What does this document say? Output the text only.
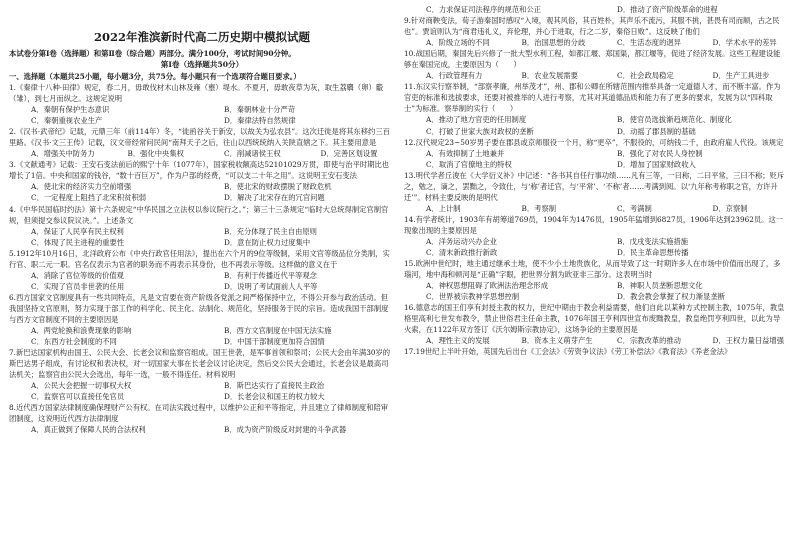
2022年淮滨新时代高二历史期中模拟试题
本试卷分第Ⅰ卷（选择题）和第Ⅱ卷（综合题）两部分。满分100分，考试时间90分钟。
第Ⅰ卷（选择题共50分）
一、选择题（本题共25小题，每小题3分，共75分。每小题只有一个选项符合题目要求。）
1.《秦律十八种·田律》规定，春二月，毋敢伐材木山林及雍（壅）堤水。不夏月，毋敢夜草为灰，取生荔麛（卵）鷇（雏），到七月而纵之。这规定说明
A．秦朝有保护生态意识	B．秦朝林业十分严苛
C．秦朝重视农业生产	D．秦律法特自然规律
2.《汉书·武帝纪》记载，元鼎三年（前114年）冬，“徙函谷关于新安，以故关为弘农县”。这次迁徙是将其东移约三百里路。《汉书·文三王传》记载，汉文帝经常问民间“南拜天子之后，往山以西统统纳入关陕直辖之下。其主要用意是
A．增强关中防务力	B．强化中央集权	C．削减诸侯王权	D．完善区划设置
3.《文献通考》记载：王安石变法前后的熙宁十年（1077年），国家税收额高达52101029万贯，即使与治平时期比也增长了1倍。中央和国家的钱谷，“数十百巨万”，作为户部的经费，“可以支二十年之用”。这说明王安石变法
A．使北宋的经济实力空前增强	B．使北宋的财政摆脱了财政危机
C．一定程度上阻挡了北宋积贫积弱	D．解决了北宋存在的冗官问题
4.《中华民国临时约法》第十六条规定“中华民国之立法权以参议院行之。”；第三十三条规定“临时大总统得制定官制官规，但须提交参议院议决。”。上述条文
A．保证了人民享有民主权利	B．充分体现了民主自由原则
C．体现了民主进程的重要性	D．意在防止权力过度集中
5.1912年10月16日，北洋政府公布《中央行政官任用法》，提出在六个月的9位等级制，采用文官等级品位分类制，实行官、职二元一职。官名仅表示为官者的职务而不再表示其身份，也不再表示等级。这样做的意义在于
A．消除了官位等级的价值观	B．有利于传播近代平等观念
C．实现了官员非世袭的任用	D．说明了考试面前人人平等
6.西方国家文官制度具有一些共同特点，凡是文官要在资产阶级各党派之间严格保持中立，不得公开参与政治活动。但我国坚持文官原则，努力实现于部工作的科学化、民主化、法制化、规范化，坚持服务于民的宗旨。造成我国干部制度与西方文官制度不同的主要原因是
A．两党轮换和浪费现象的影响	B．西方文官制度在中国无法实施
C．东西方社会制度的不同	D．中国干部制度更加符合国情
7.新巴达国家机构由国王、公民大会、长老会议和监察官组成。国王世袭，是军事首领和祭司；公民大会由年满30岁的斯巴达男子组成，有讨论权和表决权，对一切国家大事在长老会议讨论决定，然后交公民大会通过，长老会议是最高司法机关；监察官由公民大会选出，每年一选，一般不得连任。材料说明
A．公民大会把握一切事权大权	B．斯巴达实行了直接民主政治
C．监察官可以直接任免官员	D．长老会议和国王的权力较大
8.近代西方国家法律制度确保理财产公有权。在司法实践过程中，以维护公正和平等指定，并且建立了律师制度和陪审团制度，这说明近代西方法律制度
A．真正做到了保障人民的合法权利	B．成为资产阶级反对封建的斗争武器
C．力求保证司法程序的规范和公正	D．推动了资产阶级革命的进程
9.针对商鞅变法，荀子游秦国时感叹“入境，观其风俗，其百姓朴，其声乐不流污，其服不挑，甚畏有司而顺，古之民也”。贾谊则认为“商君违礼义，弃伦理，并心于进取，行之二岁，秦俗日败”。这反映了他们
A．阶级立场的不同	B．治国思想的分歧	C．生活态度的迥异	D．学术水平的差异
10.战国后期，秦国先后兴修了一批大型水利工程，如都江堰、郑国渠，都江堰等，促进了经济发展。这些工程建设能够在秦国完成，主要原因为（　　）
A．行政管理有力	B．农业发展需要	C．社会政局稳定	D．生产工具进步
11.东汉实行察举制，“部察孝廉，州举茂才”，州、郡和公卿在所辖范围内推举具备一定道德人才，而不断丰富。作为官吏的标准和选拔要求，还要对被推举的人进行考察，尤其对其道德品质和能力有了更多的要求，发展为以“四科取士”为标准。察举制的实行（　　）
A．推动了地方官吏的任用制度	B．使官员选拔渐趋规范化、制度化
C．打破了世家大族对政权的垄断	D．动摇了郡县制的基础
12.汉代规定23~50岁男子要在郡县或京师服役一个月，称“更卒”，不服役的，可纳钱二千，由政府雇人代役。该规定
A．有效抑制了土地兼并	B．强化了对农民人身控制
C．取消了官僚地主的特权	D．增加了国家财政收入
13.明代学者丘浚在《大学衍义补》中记述：“各书其自任行事功绩……凡有三等，一曰称，二曰平常，三曰不称；贬斥之，勉之，谪之，罢黜之，令致仕，与‘称’者迁官，与‘平常’、‘不称’者……考满到阅。以‘九年称考称职之官，方许升迁’”。材料主要反映的是明代
A．上计制	B．考察制	C．考满制	D．京察制
14.有学者统计，1903年有胡筹道769员，1904年为1476员，1905年猛增到6827员，1906年达到23962员。这一现象出现的主要原因是
A．洋务运动兴办企业	B．戊戌变法实施措施
C．清末新政推行新政	D．民主革命思想传播
15.欧洲中世纪时，地主通过继承土地，使不少小土地贵族化，从而导致了这一时期许多人在市场中价值而出现了，多瑙河，地中海和顿河是“正确”字眼，把世界分割为欧亚非三部分。这表明当时
A．神权思想阻碍了欧洲法治理念形成	B．神职人员垄断思想文化
C．世界被宗教神学思想控制	D．教会教会掌握了权力渐显垄断
16.德意志的国王们享有封授主教的权力，世纪中期由于教会利益需要，他们自此以某种方式控制主教，1075年，教皇格里高利七世发布教令，禁止世俗君主任命主教，1076年国王亨利四世宣布废黜教皇，教皇绝罚亨利四世，以此为导火索，在1122年双方签订《沃尔姆斯宗教协定》，这场争论的主要原因是
A．理性主义的发展	B．资本主义萌芽产生	C．宗教改革的推动	D．王权力量日益增强
17.19世纪上半叶开始，英国先后出台《工会法》《劳资争议法》《劳工补偿法》《教育法》《养老金法》
